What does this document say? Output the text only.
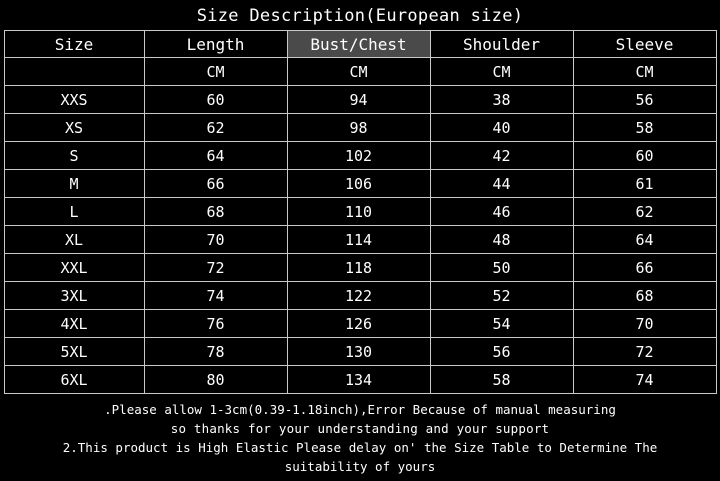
Size Description(European size)
Size	Length	Bust/Chest	Shoulder	Sleeve
	CM	CM	CM	CM
XXS	60	94	38	56
XS	62	98	40	58
S	64	102	42	60
M	66	106	44	61
L	68	110	46	62
XL	70	114	48	64
XXL	72	118	50	66
3XL	74	122	52	68
4XL	76	126	54	70
5XL	78	130	56	72
6XL	80	134	58	74
.Please allow 1-3cm(0.39-1.18inch),Error Because of manual measuring
so thanks for your understanding and your support
2.This product is High Elastic Please delay on' the Size Table to Determine The
suitability of yours
